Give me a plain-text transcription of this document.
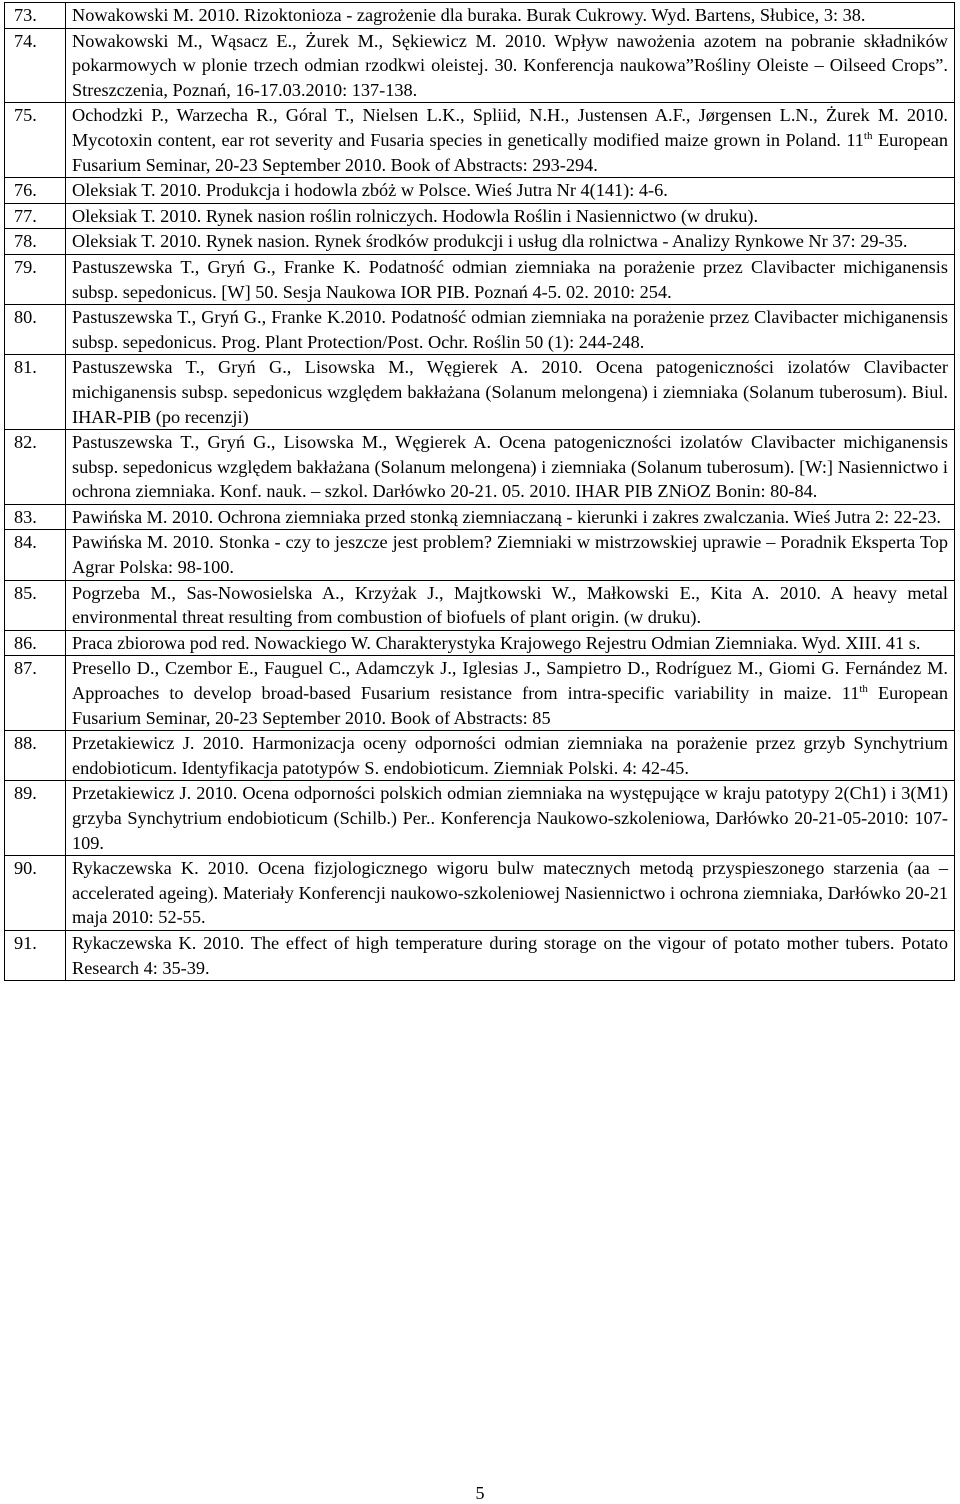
73.	Nowakowski M. 2010. Rizoktonioza - zagrożenie dla buraka. Burak Cukrowy. Wyd. Bartens, Słubice, 3: 38.
74.	Nowakowski M., Wąsacz E., Żurek M., Sękiewicz M. 2010. Wpływ nawożenia azotem na pobranie składników pokarmowych w plonie trzech odmian rzodkwi oleistej. 30. Konferencja naukowa”Rośliny Oleiste – Oilseed Crops”. Streszczenia, Poznań, 16-17.03.2010: 137-138.
75.	Ochodzki P., Warzecha R., Góral T., Nielsen L.K., Spliid, N.H., Justensen A.F., Jørgensen L.N., Żurek M. 2010. Mycotoxin content, ear rot severity and Fusaria species in genetically modified maize grown in Poland. 11th European Fusarium Seminar, 20-23 September 2010. Book of Abstracts: 293-294.
76.	Oleksiak T. 2010. Produkcja i hodowla zbóż w Polsce. Wieś Jutra Nr 4(141): 4-6.
77.	Oleksiak T. 2010. Rynek nasion roślin rolniczych. Hodowla Roślin i Nasiennictwo (w druku).
78.	Oleksiak T. 2010. Rynek nasion. Rynek środków produkcji i usług dla rolnictwa - Analizy Rynkowe Nr 37: 29-35.
79.	Pastuszewska T., Gryń G., Franke K. Podatność odmian ziemniaka na porażenie przez Clavibacter michiganensis subsp. sepedonicus. [W] 50. Sesja Naukowa IOR PIB. Poznań 4-5. 02. 2010: 254.
80.	Pastuszewska T., Gryń G., Franke K.2010. Podatność odmian ziemniaka na porażenie przez Clavibacter michiganensis subsp. sepedonicus. Prog. Plant Protection/Post. Ochr. Roślin 50 (1): 244-248.
81.	Pastuszewska T., Gryń G., Lisowska M., Węgierek A. 2010. Ocena patogeniczności izolatów Clavibacter michiganensis subsp. sepedonicus względem bakłażana (Solanum melongena) i ziemniaka (Solanum tuberosum). Biul. IHAR-PIB (po recenzji)
82.	Pastuszewska T., Gryń G., Lisowska M., Węgierek A. Ocena patogeniczności izolatów Clavibacter michiganensis subsp. sepedonicus względem bakłażana (Solanum melongena) i ziemniaka (Solanum tuberosum). [W:] Nasiennictwo i ochrona ziemniaka. Konf. nauk. – szkol. Darłówko 20-21. 05. 2010. IHAR PIB ZNiOZ Bonin: 80-84.
83.	Pawińska M. 2010. Ochrona ziemniaka przed stonką ziemniaczaną - kierunki i zakres zwalczania. Wieś Jutra 2: 22-23.
84.	Pawińska M. 2010. Stonka - czy to jeszcze jest problem? Ziemniaki w mistrzowskiej uprawie – Poradnik Eksperta Top Agrar Polska: 98-100.
85.	Pogrzeba M., Sas-Nowosielska A., Krzyżak J., Majtkowski W., Małkowski E., Kita A. 2010. A heavy metal environmental threat resulting from combustion of biofuels of plant origin. (w druku).
86.	Praca zbiorowa pod red. Nowackiego W. Charakterystyka Krajowego Rejestru Odmian Ziemniaka. Wyd. XIII. 41 s.
87.	Presello D., Czembor E., Fauguel C., Adamczyk J., Iglesias J., Sampietro D., Rodríguez M., Giomi G. Fernández M. Approaches to develop broad-based Fusarium resistance from intra-specific variability in maize. 11th European Fusarium Seminar, 20-23 September 2010. Book of Abstracts: 85
88.	Przetakiewicz J. 2010. Harmonizacja oceny odporności odmian ziemniaka na porażenie przez grzyb Synchytrium endobioticum. Identyfikacja patotypów S. endobioticum. Ziemniak Polski. 4: 42-45.
89.	Przetakiewicz J. 2010. Ocena odporności polskich odmian ziemniaka na występujące w kraju patotypy 2(Ch1) i 3(M1) grzyba Synchytrium endobioticum (Schilb.) Per.. Konferencja Naukowo-szkoleniowa, Darłówko 20-21-05-2010: 107-109.
90.	Rykaczewska K. 2010. Ocena fizjologicznego wigoru bulw matecznych metodą przyspieszonego starzenia (aa – accelerated ageing). Materiały Konferencji naukowo-szkoleniowej Nasiennictwo i ochrona ziemniaka, Darłówko 20-21 maja 2010: 52-55.
91.	Rykaczewska K. 2010. The effect of high temperature during storage on the vigour of potato mother tubers. Potato Research 4: 35-39.
5
